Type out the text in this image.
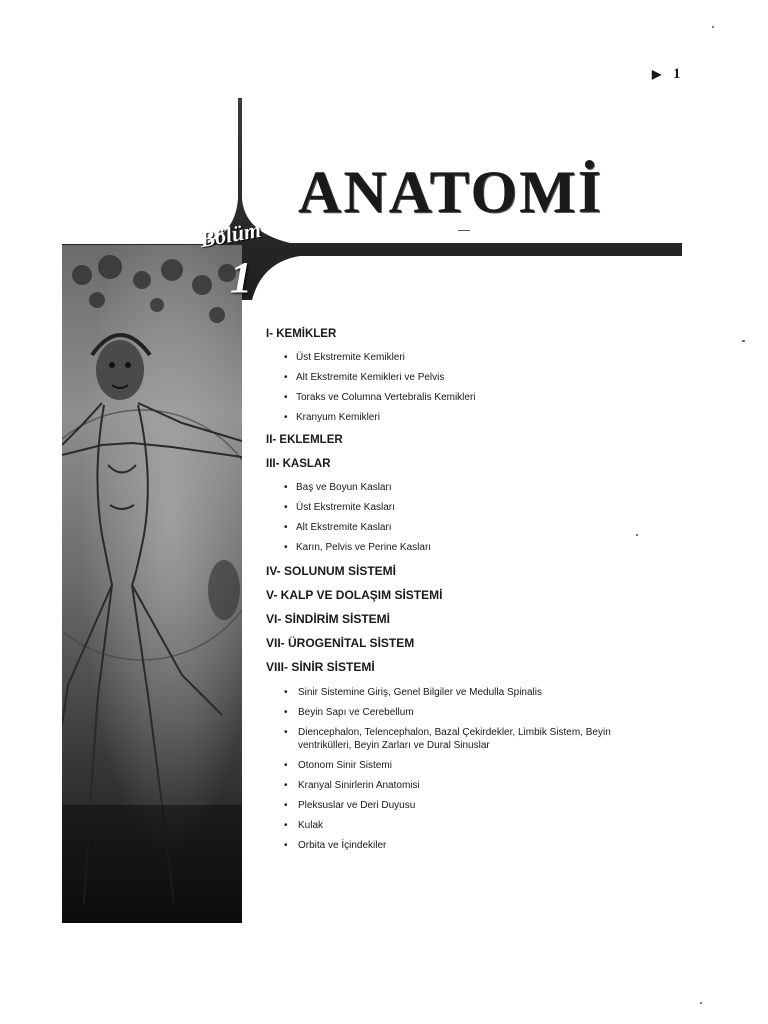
▶ 1
ANATOMİ
Bölüm
1
I- KEMİKLER
• Üst Ekstremite Kemikleri
• Alt Ekstremite Kemikleri ve Pelvis
• Toraks ve Columna Vertebralis Kemikleri
• Kranyum Kemikleri
II- EKLEMLER
III- KASLAR
• Baş ve Boyun Kasları
• Üst Ekstremite Kasları
• Alt Ekstremite Kasları
• Karın, Pelvis ve Perine Kasları
IV- SOLUNUM SİSTEMİ
V- KALP VE DOLAŞIM SİSTEMİ
VI- SİNDİRİM SİSTEMİ
VII- ÜROGENİTAL SİSTEM
VIII- SİNİR SİSTEMİ
• Sinir Sistemine Giriş, Genel Bilgiler ve Medulla Spinalis
• Beyin Sapı ve Cerebellum
• Diencephalon, Telencephalon, Bazal Çekirdekler, Limbik Sistem, Beyin ventrikülleri, Beyin Zarları ve Dural Sinuslar
• Otonom Sinir Sistemi
• Kranyal Sinirlerin Anatomisi
• Pleksuslar ve Deri Duyusu
• Kulak
• Orbita ve İçindekiler
